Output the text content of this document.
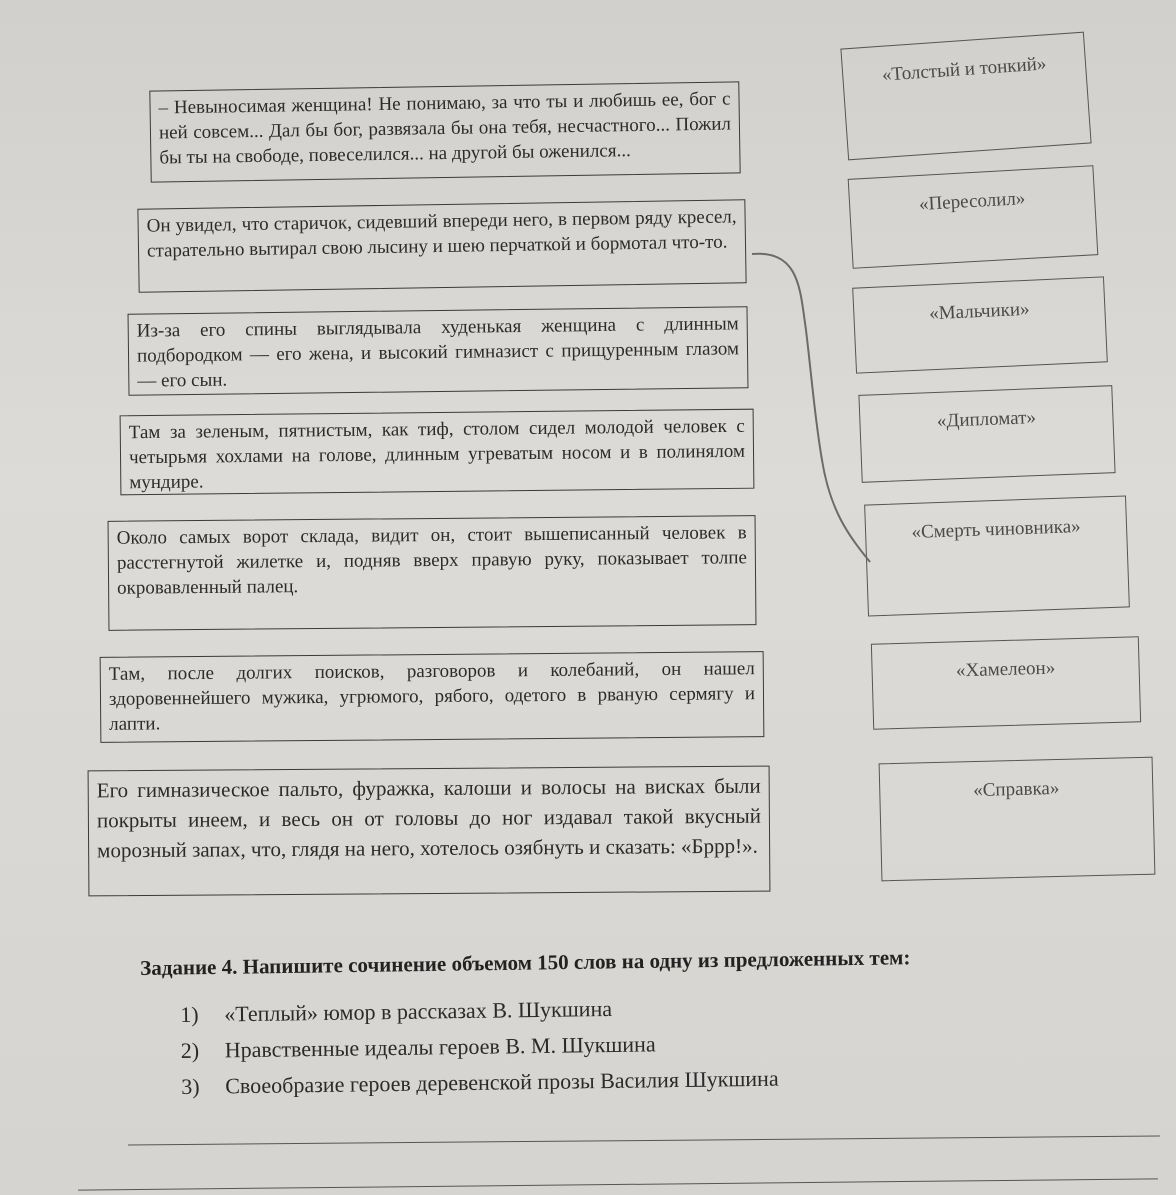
– Невыносимая женщина! Не понимаю, за что ты и любишь ее, бог с ней совсем... Дал бы бог, развязала бы она тебя, несчастного... Пожил бы ты на свободе, повеселился... на другой бы оженился...
Он увидел, что старичок, сидевший впереди него, в первом ряду кресел, старательно вытирал свою лысину и шею перчаткой и бормотал что-то.
Из-за его спины выглядывала худенькая женщина с длинным подбородком — его жена, и высокий гимназист с прищуренным глазом — его сын.
Там за зеленым, пятнистым, как тиф, столом сидел молодой человек с четырьмя хохлами на голове, длинным угреватым носом и в полинялом мундире.
Около самых ворот склада, видит он, стоит вышеписанный человек в расстегнутой жилетке и, подняв вверх правую руку, показывает толпе окровавленный палец.
Там, после долгих поисков, разговоров и колебаний, он нашел здоровеннейшего мужика, угрюмого, рябого, одетого в рваную сермягу и лапти.
Его гимназическое пальто, фуражка, калоши и волосы на висках были покрыты инеем, и весь он от головы до ног издавал такой вкусный морозный запах, что, глядя на него, хотелось озябнуть и сказать: «Бррр!».
«Толстый и тонкий»
«Пересолил»
«Мальчики»
«Дипломат»
«Смерть чиновника»
«Хамелеон»
«Справка»
Задание 4. Напишите сочинение объемом 150 слов на одну из предложенных тем:
1)	«Теплый» юмор в рассказах В. Шукшина
2)	Нравственные идеалы героев В. М. Шукшина
3)	Своеобразие героев деревенской прозы Василия Шукшина
